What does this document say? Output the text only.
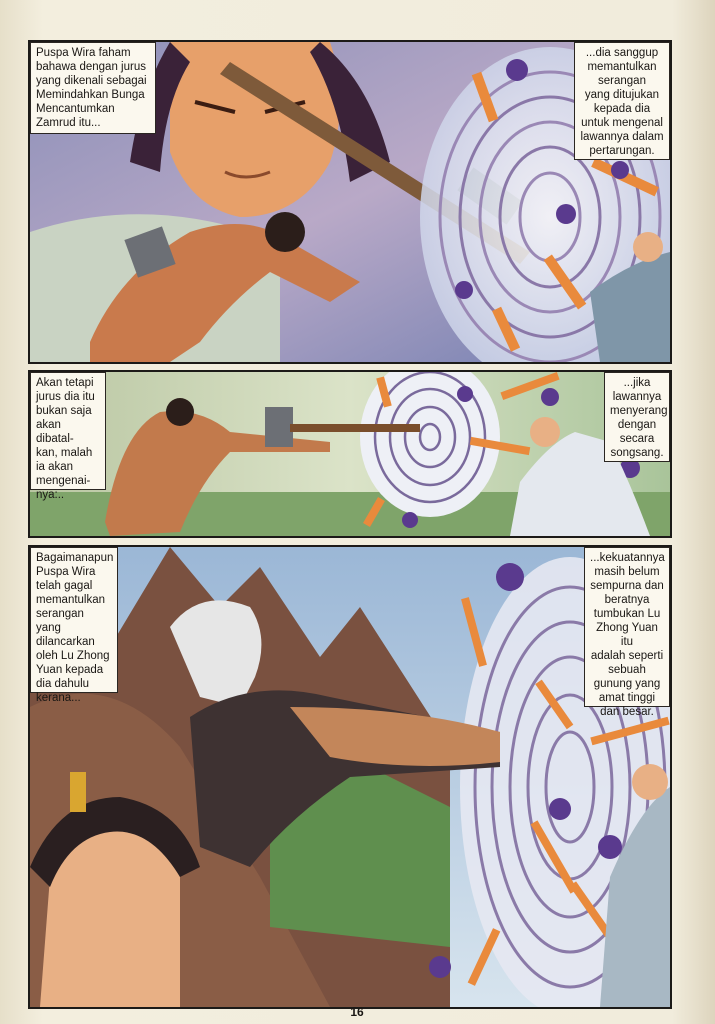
Puspa Wira faham
bahawa dengan jurus
yang dikenali sebagai
Memindahkan Bunga
Mencantumkan
Zamrud itu...

...dia sanggup
memantulkan
serangan
yang ditujukan
kepada dia
untuk mengenal
lawannya dalam
pertarungan.

Akan tetapi
jurus dia itu
bukan saja
akan dibatal-
kan, malah
ia akan
mengenai-
nya:..

...jika
lawannya
menyerang
dengan
secara
songsang.

Bagaimanapun
Puspa Wira
telah gagal
memantulkan
serangan yang
dilancarkan
oleh Lu Zhong
Yuan kepada
dia dahulu
kerana...

...kekuatannya
masih belum
sempurna dan
beratnya
tumbukan Lu
Zhong Yuan itu
adalah seperti
sebuah
gunung yang
amat tinggi
dan besar.

16
